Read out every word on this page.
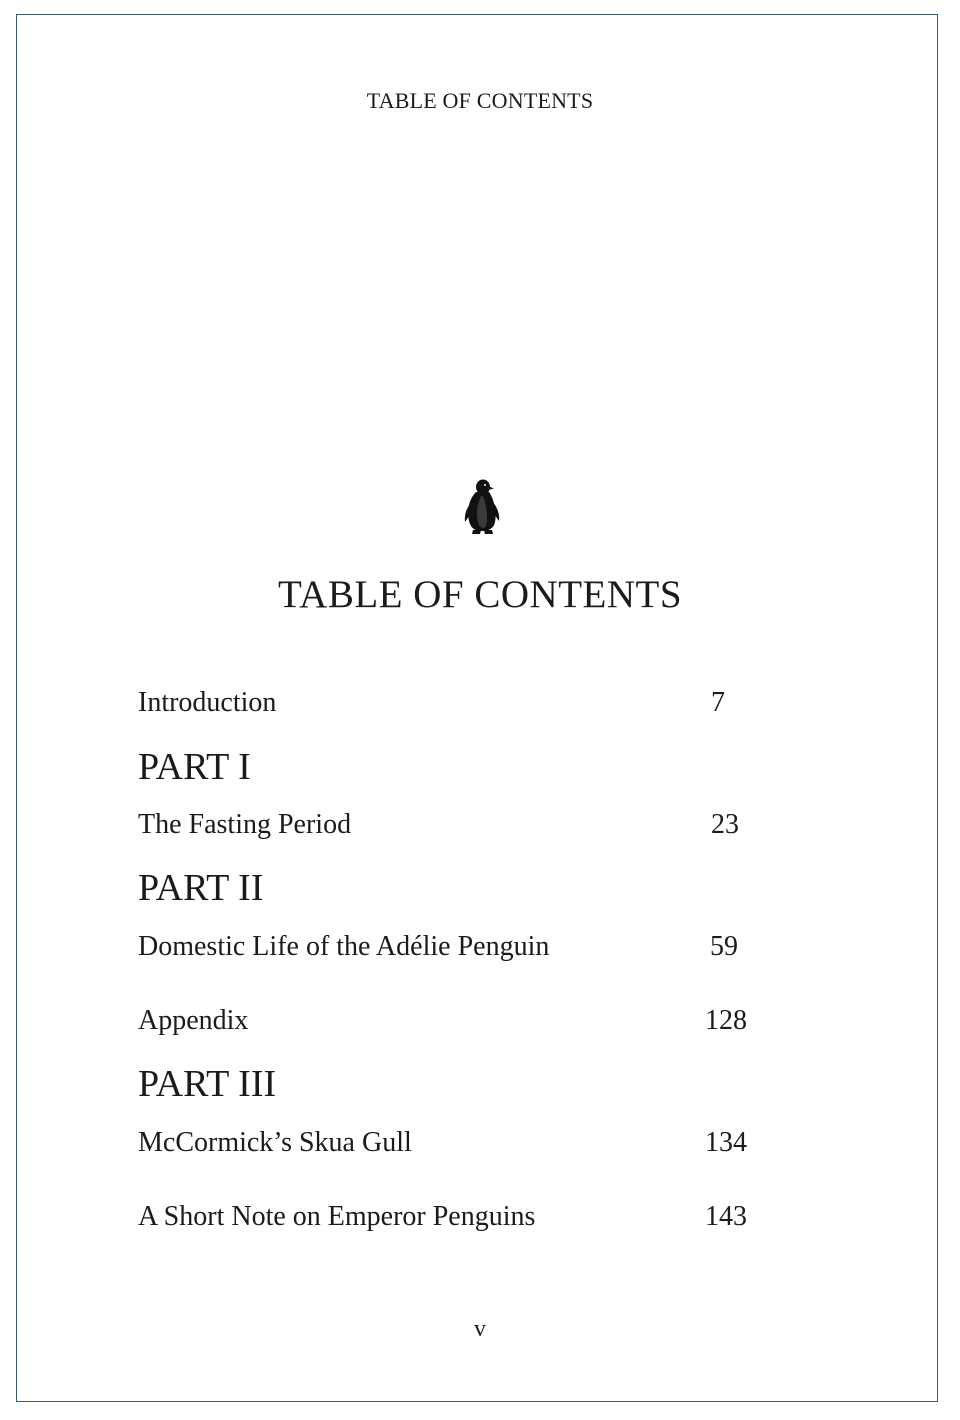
TABLE OF CONTENTS
TABLE OF CONTENTS
Introduction	7
PART I
The Fasting Period	23
PART II
Domestic Life of the Adélie Penguin	59
Appendix	128
PART III
McCormick’s Skua Gull	134
A Short Note on Emperor Penguins	143
v
